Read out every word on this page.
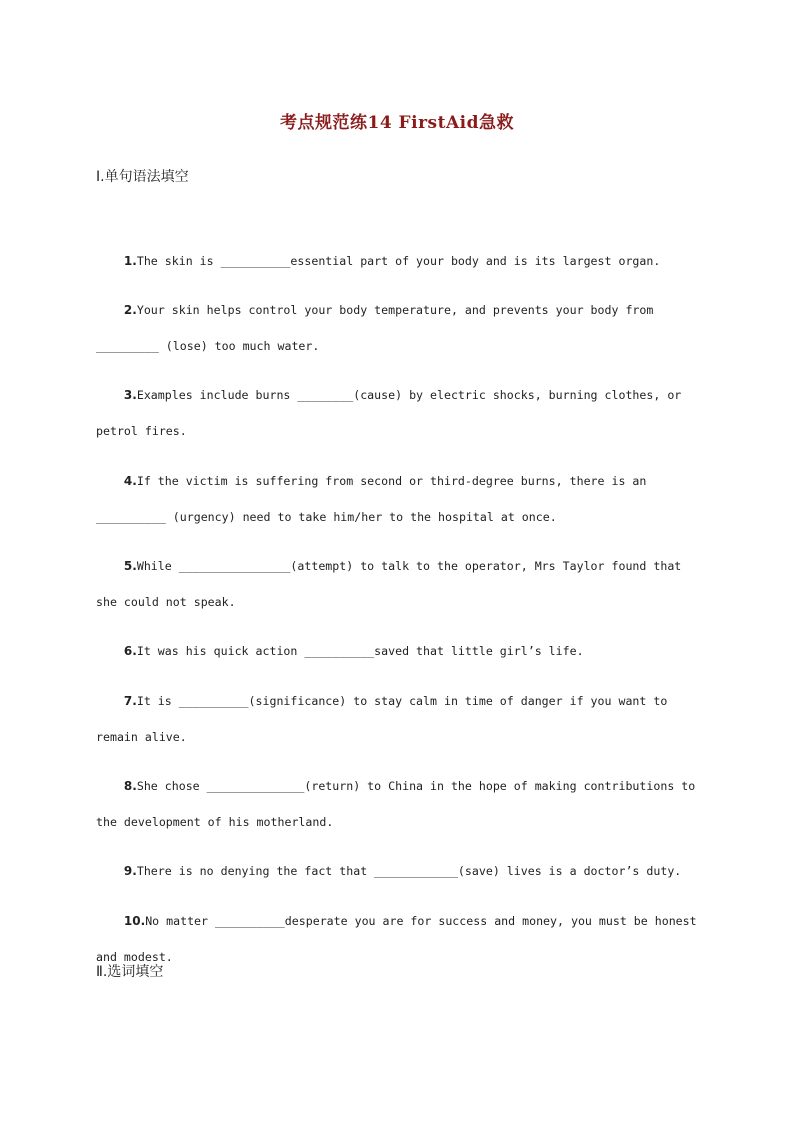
考点规范练14 FirstAid急救
Ⅰ.单句语法填空

1.The skin is __________essential part of your body and is its largest organ.

2.Your skin helps control your body temperature, and prevents your body from _________ (lose) too much water.

3.Examples include burns ________(cause) by electric shocks, burning clothes, or petrol fires.

4.If the victim is suffering from second or third-degree burns, there is an __________ (urgency) need to take him/her to the hospital at once.

5.While ________________(attempt) to talk to the operator, Mrs Taylor found that she could not speak.

6.It was his quick action __________saved that little girl’s life.

7.It is __________(significance) to stay calm in time of danger if you want to remain alive.

8.She chose ______________(return) to China in the hope of making contributions to the development of his motherland.

9.There is no denying the fact that ____________(save) lives is a doctor’s duty.

10.No matter __________desperate you are for success and money, you must be honest and modest.

Ⅱ.选词填空
